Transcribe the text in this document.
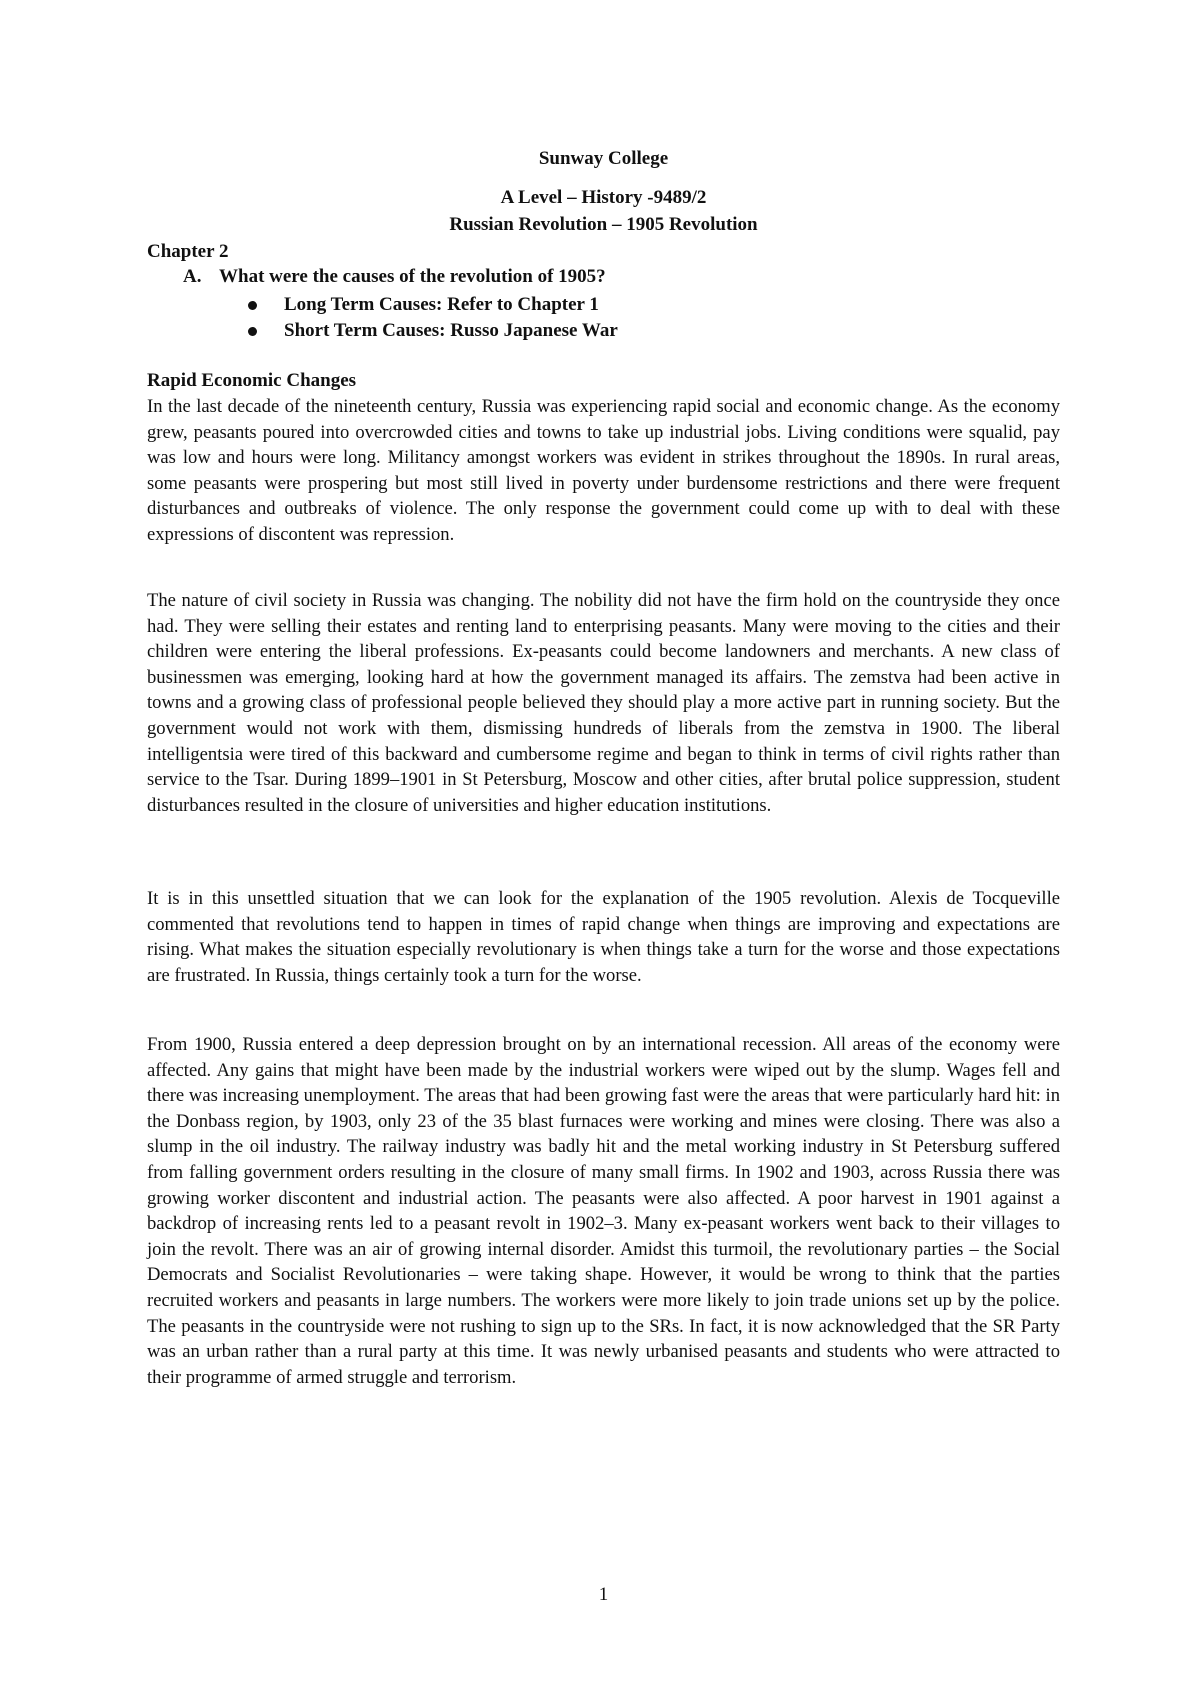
Sunway College
A Level – History -9489/2
Russian Revolution – 1905 Revolution
Chapter 2
A. What were the causes of the revolution of 1905?
Long Term Causes: Refer to Chapter 1
Short Term Causes: Russo Japanese War
Rapid Economic Changes

In the last decade of the nineteenth century, Russia was experiencing rapid social and economic change. As the economy grew, peasants poured into overcrowded cities and towns to take up industrial jobs. Living conditions were squalid, pay was low and hours were long. Militancy amongst workers was evident in strikes throughout the 1890s. In rural areas, some peasants were prospering but most still lived in poverty under burdensome restrictions and there were frequent disturbances and outbreaks of violence. The only response the government could come up with to deal with these expressions of discontent was repression.

The nature of civil society in Russia was changing. The nobility did not have the firm hold on the countryside they once had. They were selling their estates and renting land to enterprising peasants. Many were moving to the cities and their children were entering the liberal professions. Ex-peasants could become landowners and merchants. A new class of businessmen was emerging, looking hard at how the government managed its affairs. The zemstva had been active in towns and a growing class of professional people believed they should play a more active part in running society. But the government would not work with them, dismissing hundreds of liberals from the zemstva in 1900. The liberal intelligentsia were tired of this backward and cumbersome regime and began to think in terms of civil rights rather than service to the Tsar. During 1899–1901 in St Petersburg, Moscow and other cities, after brutal police suppression, student disturbances resulted in the closure of universities and higher education institutions.

It is in this unsettled situation that we can look for the explanation of the 1905 revolution. Alexis de Tocqueville commented that revolutions tend to happen in times of rapid change when things are improving and expectations are rising. What makes the situation especially revolutionary is when things take a turn for the worse and those expectations are frustrated. In Russia, things certainly took a turn for the worse.

From 1900, Russia entered a deep depression brought on by an international recession. All areas of the economy were affected. Any gains that might have been made by the industrial workers were wiped out by the slump. Wages fell and there was increasing unemployment. The areas that had been growing fast were the areas that were particularly hard hit: in the Donbass region, by 1903, only 23 of the 35 blast furnaces were working and mines were closing. There was also a slump in the oil industry. The railway industry was badly hit and the metal working industry in St Petersburg suffered from falling government orders resulting in the closure of many small firms. In 1902 and 1903, across Russia there was growing worker discontent and industrial action. The peasants were also affected. A poor harvest in 1901 against a backdrop of increasing rents led to a peasant revolt in 1902–3. Many ex-peasant workers went back to their villages to join the revolt. There was an air of growing internal disorder. Amidst this turmoil, the revolutionary parties – the Social Democrats and Socialist Revolutionaries – were taking shape. However, it would be wrong to think that the parties recruited workers and peasants in large numbers. The workers were more likely to join trade unions set up by the police. The peasants in the countryside were not rushing to sign up to the SRs. In fact, it is now acknowledged that the SR Party was an urban rather than a rural party at this time. It was newly urbanised peasants and students who were attracted to their programme of armed struggle and terrorism.

1
